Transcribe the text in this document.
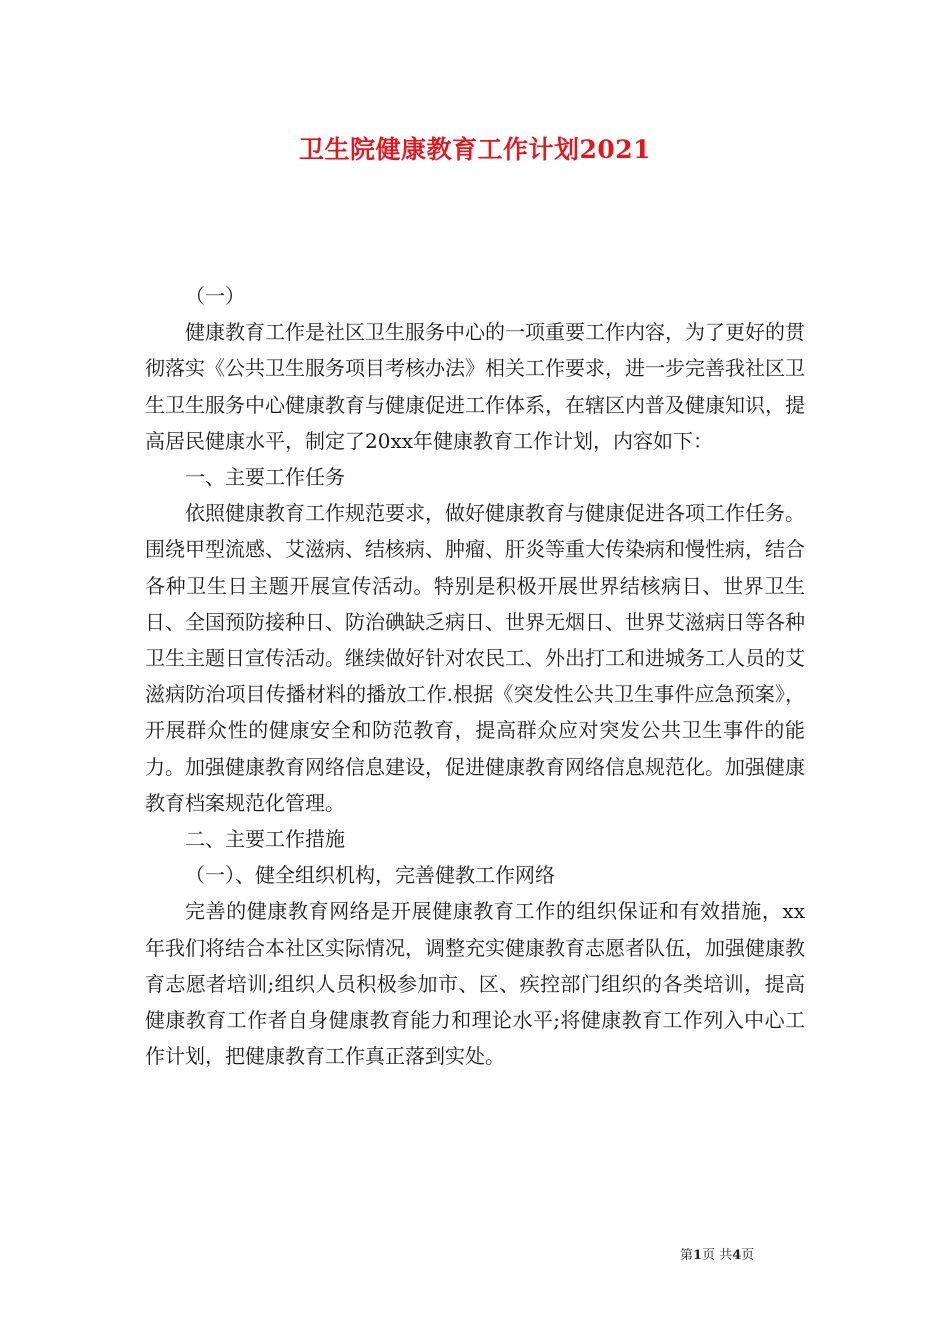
卫生院健康教育工作计划2021

（一）

健康教育工作是社区卫生服务中心的一项重要工作内容，为了更好的贯彻落实《公共卫生服务项目考核办法》相关工作要求，进一步完善我社区卫生卫生服务中心健康教育与健康促进工作体系，在辖区内普及健康知识，提高居民健康水平，制定了20xx年健康教育工作计划，内容如下：

一、主要工作任务

依照健康教育工作规范要求，做好健康教育与健康促进各项工作任务。围绕甲型流感、艾滋病、结核病、肿瘤、肝炎等重大传染病和慢性病，结合各种卫生日主题开展宣传活动。特别是积极开展世界结核病日、世界卫生日、全国预防接种日、防治碘缺乏病日、世界无烟日、世界艾滋病日等各种卫生主题日宣传活动。继续做好针对农民工、外出打工和进城务工人员的艾滋病防治项目传播材料的播放工作.根据《突发性公共卫生事件应急预案》，开展群众性的健康安全和防范教育，提高群众应对突发公共卫生事件的能力。加强健康教育网络信息建设，促进健康教育网络信息规范化。加强健康教育档案规范化管理。

二、主要工作措施

（一）、健全组织机构，完善健教工作网络

完善的健康教育网络是开展健康教育工作的组织保证和有效措施，xx年我们将结合本社区实际情况，调整充实健康教育志愿者队伍，加强健康教育志愿者培训;组织人员积极参加市、区、疾控部门组织的各类培训，提高健康教育工作者自身健康教育能力和理论水平;将健康教育工作列入中心工作计划，把健康教育工作真正落到实处。

第1页 共4页
